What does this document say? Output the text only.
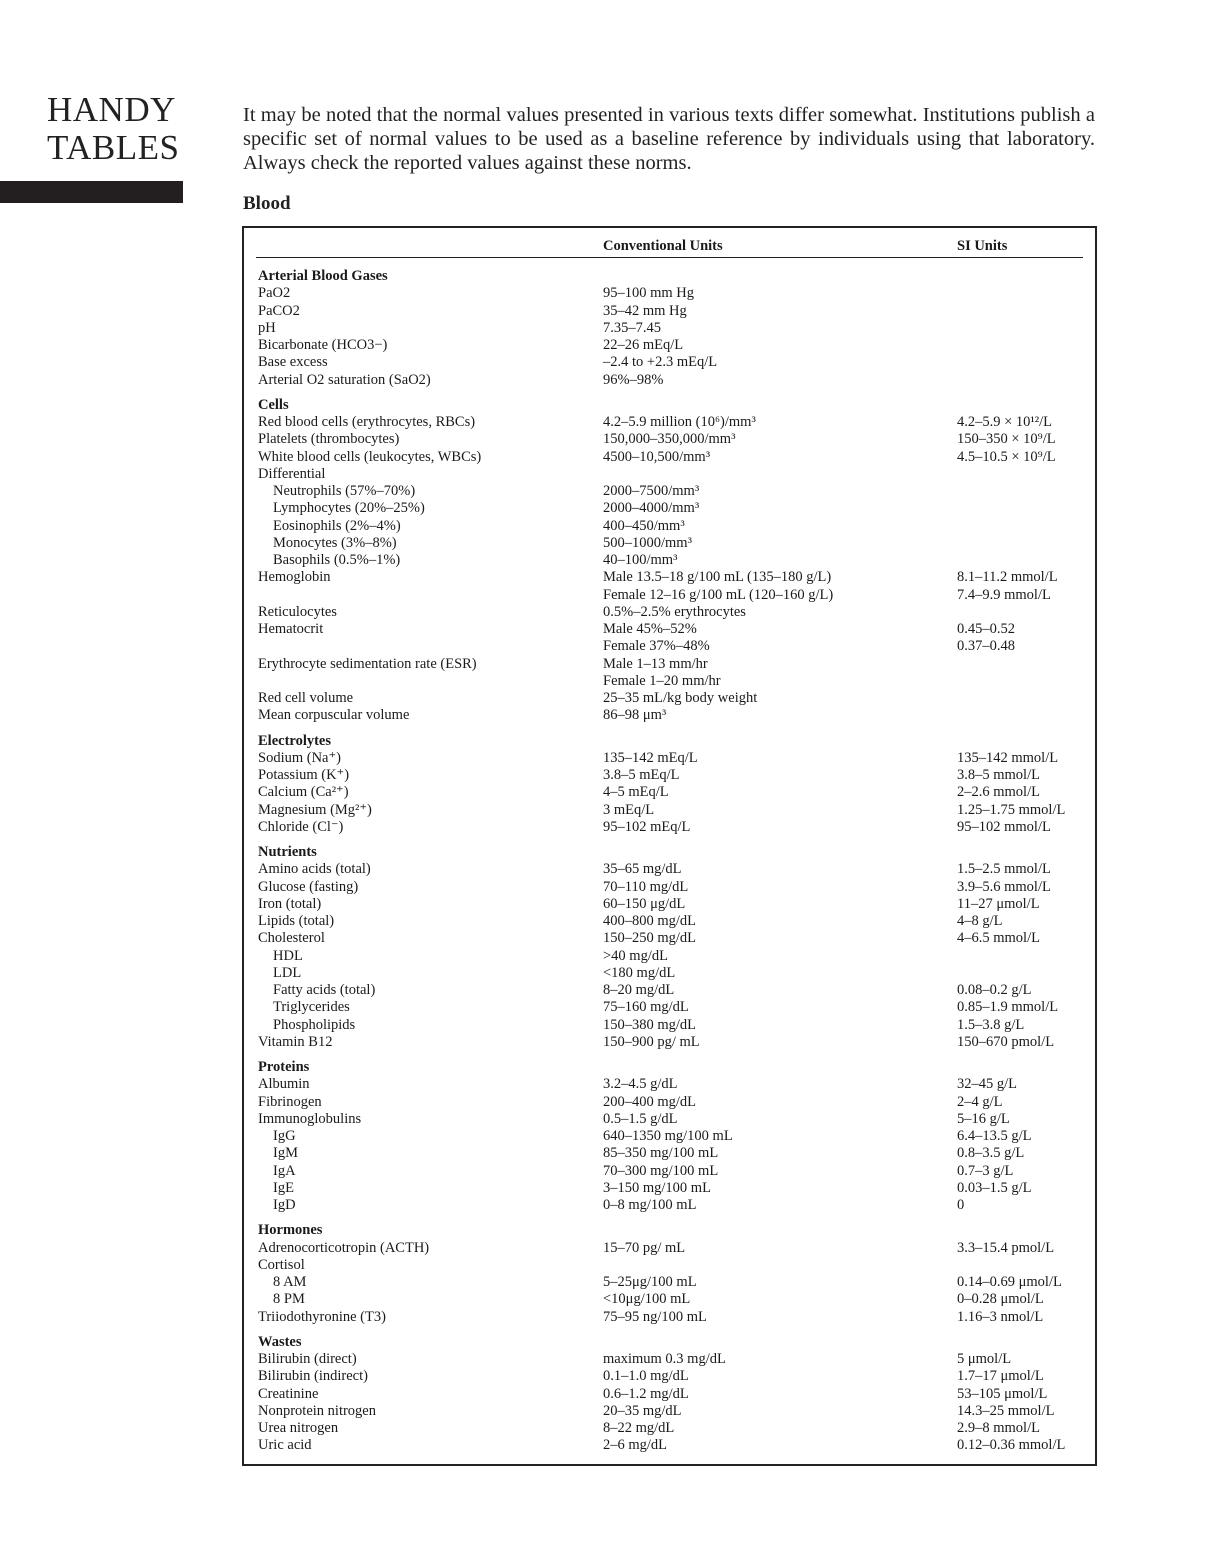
HANDY
TABLES
It may be noted that the normal values presented in various texts differ somewhat. Institutions publish a specific set of normal values to be used as a baseline reference by individuals using that laboratory. Always check the reported values against these norms.
Blood
Conventional Units	SI Units
Arterial Blood Gases
PaO2	95–100 mm Hg
PaCO2	35–42 mm Hg
pH	7.35–7.45
Bicarbonate (HCO3−)	22–26 mEq/L
Base excess	–2.4 to +2.3 mEq/L
Arterial O2 saturation (SaO2)	96%–98%
Cells
Red blood cells (erythrocytes, RBCs)	4.2–5.9 million (10⁶)/mm³	4.2–5.9 × 10¹²/L
Platelets (thrombocytes)	150,000–350,000/mm³	150–350 × 10⁹/L
White blood cells (leukocytes, WBCs)	4500–10,500/mm³	4.5–10.5 × 10⁹/L
Differential
Neutrophils (57%–70%)	2000–7500/mm³
Lymphocytes (20%–25%)	2000–4000/mm³
Eosinophils (2%–4%)	400–450/mm³
Monocytes (3%–8%)	500–1000/mm³
Basophils (0.5%–1%)	40–100/mm³
Hemoglobin	Male 13.5–18 g/100 mL (135–180 g/L)	8.1–11.2 mmol/L
Female 12–16 g/100 mL (120–160 g/L)	7.4–9.9 mmol/L
Reticulocytes	0.5%–2.5% erythrocytes
Hematocrit	Male 45%–52%	0.45–0.52
Female 37%–48%	0.37–0.48
Erythrocyte sedimentation rate (ESR)	Male 1–13 mm/hr
Female 1–20 mm/hr
Red cell volume	25–35 mL/kg body weight
Mean corpuscular volume	86–98 μm³
Electrolytes
Sodium (Na⁺)	135–142 mEq/L	135–142 mmol/L
Potassium (K⁺)	3.8–5 mEq/L	3.8–5 mmol/L
Calcium (Ca²⁺)	4–5 mEq/L	2–2.6 mmol/L
Magnesium (Mg²⁺)	3 mEq/L	1.25–1.75 mmol/L
Chloride (Cl⁻)	95–102 mEq/L	95–102 mmol/L
Nutrients
Amino acids (total)	35–65 mg/dL	1.5–2.5 mmol/L
Glucose (fasting)	70–110 mg/dL	3.9–5.6 mmol/L
Iron (total)	60–150 μg/dL	11–27 μmol/L
Lipids (total)	400–800 mg/dL	4–8 g/L
Cholesterol	150–250 mg/dL	4–6.5 mmol/L
HDL	>40 mg/dL
LDL	<180 mg/dL
Fatty acids (total)	8–20 mg/dL	0.08–0.2 g/L
Triglycerides	75–160 mg/dL	0.85–1.9 mmol/L
Phospholipids	150–380 mg/dL	1.5–3.8 g/L
Vitamin B12	150–900 pg/ mL	150–670 pmol/L
Proteins
Albumin	3.2–4.5 g/dL	32–45 g/L
Fibrinogen	200–400 mg/dL	2–4 g/L
Immunoglobulins	0.5–1.5 g/dL	5–16 g/L
IgG	640–1350 mg/100 mL	6.4–13.5 g/L
IgM	85–350 mg/100 mL	0.8–3.5 g/L
IgA	70–300 mg/100 mL	0.7–3 g/L
IgE	3–150 mg/100 mL	0.03–1.5 g/L
IgD	0–8 mg/100 mL	0
Hormones
Adrenocorticotropin (ACTH)	15–70 pg/ mL	3.3–15.4 pmol/L
Cortisol
8 AM	5–25μg/100 mL	0.14–0.69 μmol/L
8 PM	<10μg/100 mL	0–0.28 μmol/L
Triiodothyronine (T3)	75–95 ng/100 mL	1.16–3 nmol/L
Wastes
Bilirubin (direct)	maximum 0.3 mg/dL	5 μmol/L
Bilirubin (indirect)	0.1–1.0 mg/dL	1.7–17 μmol/L
Creatinine	0.6–1.2 mg/dL	53–105 μmol/L
Nonprotein nitrogen	20–35 mg/dL	14.3–25 mmol/L
Urea nitrogen	8–22 mg/dL	2.9–8 mmol/L
Uric acid	2–6 mg/dL	0.12–0.36 mmol/L
